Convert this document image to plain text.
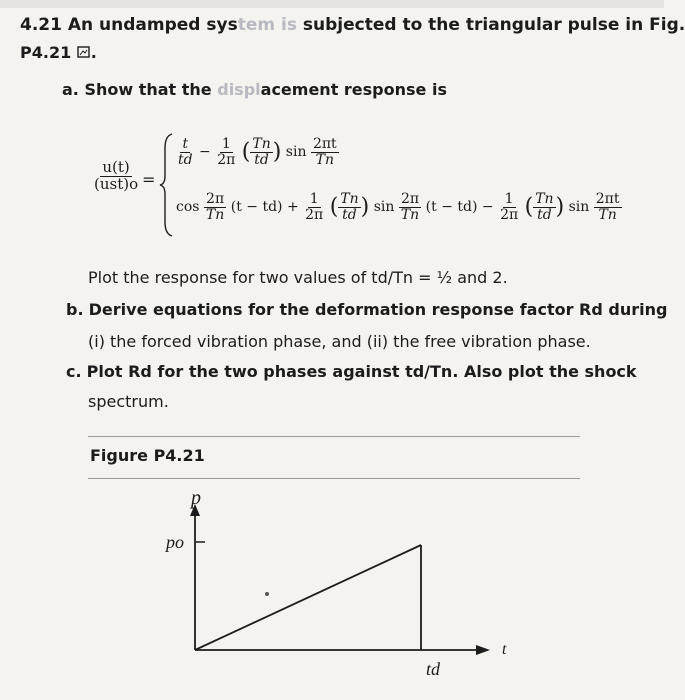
4.21 An undamped system is subjected to the triangular pulse in Fig.
P4.21 .
a. Show that the displacement response is
$\frac{u(t)}{\text{(ust)o}}$ =
$\frac{t}{td} - \frac{1}{2\pi}$ ( $\frac{Tn}{td}$ ) $\sin \frac{2\pi t}{Tn}$
$\cos \frac{2\pi}{Tn} (t - td) + \frac{1}{2\pi}$ ( $\frac{Tn}{td}$ ) $\sin \frac{2\pi}{Tn} (t - td) - \frac{1}{2\pi}$ ( $\frac{Tn}{td}$ ) $\sin \frac{2\pi t}{Tn}$
Plot the response for two values of td/Tn = ½ and 2.
b. Derive equations for the deformation response factor Rd during
(i) the forced vibration phase, and (ii) the free vibration phase.
c. Plot Rd for the two phases against td/Tn. Also plot the shock
spectrum.
Figure P4.21
p
po
t
td
